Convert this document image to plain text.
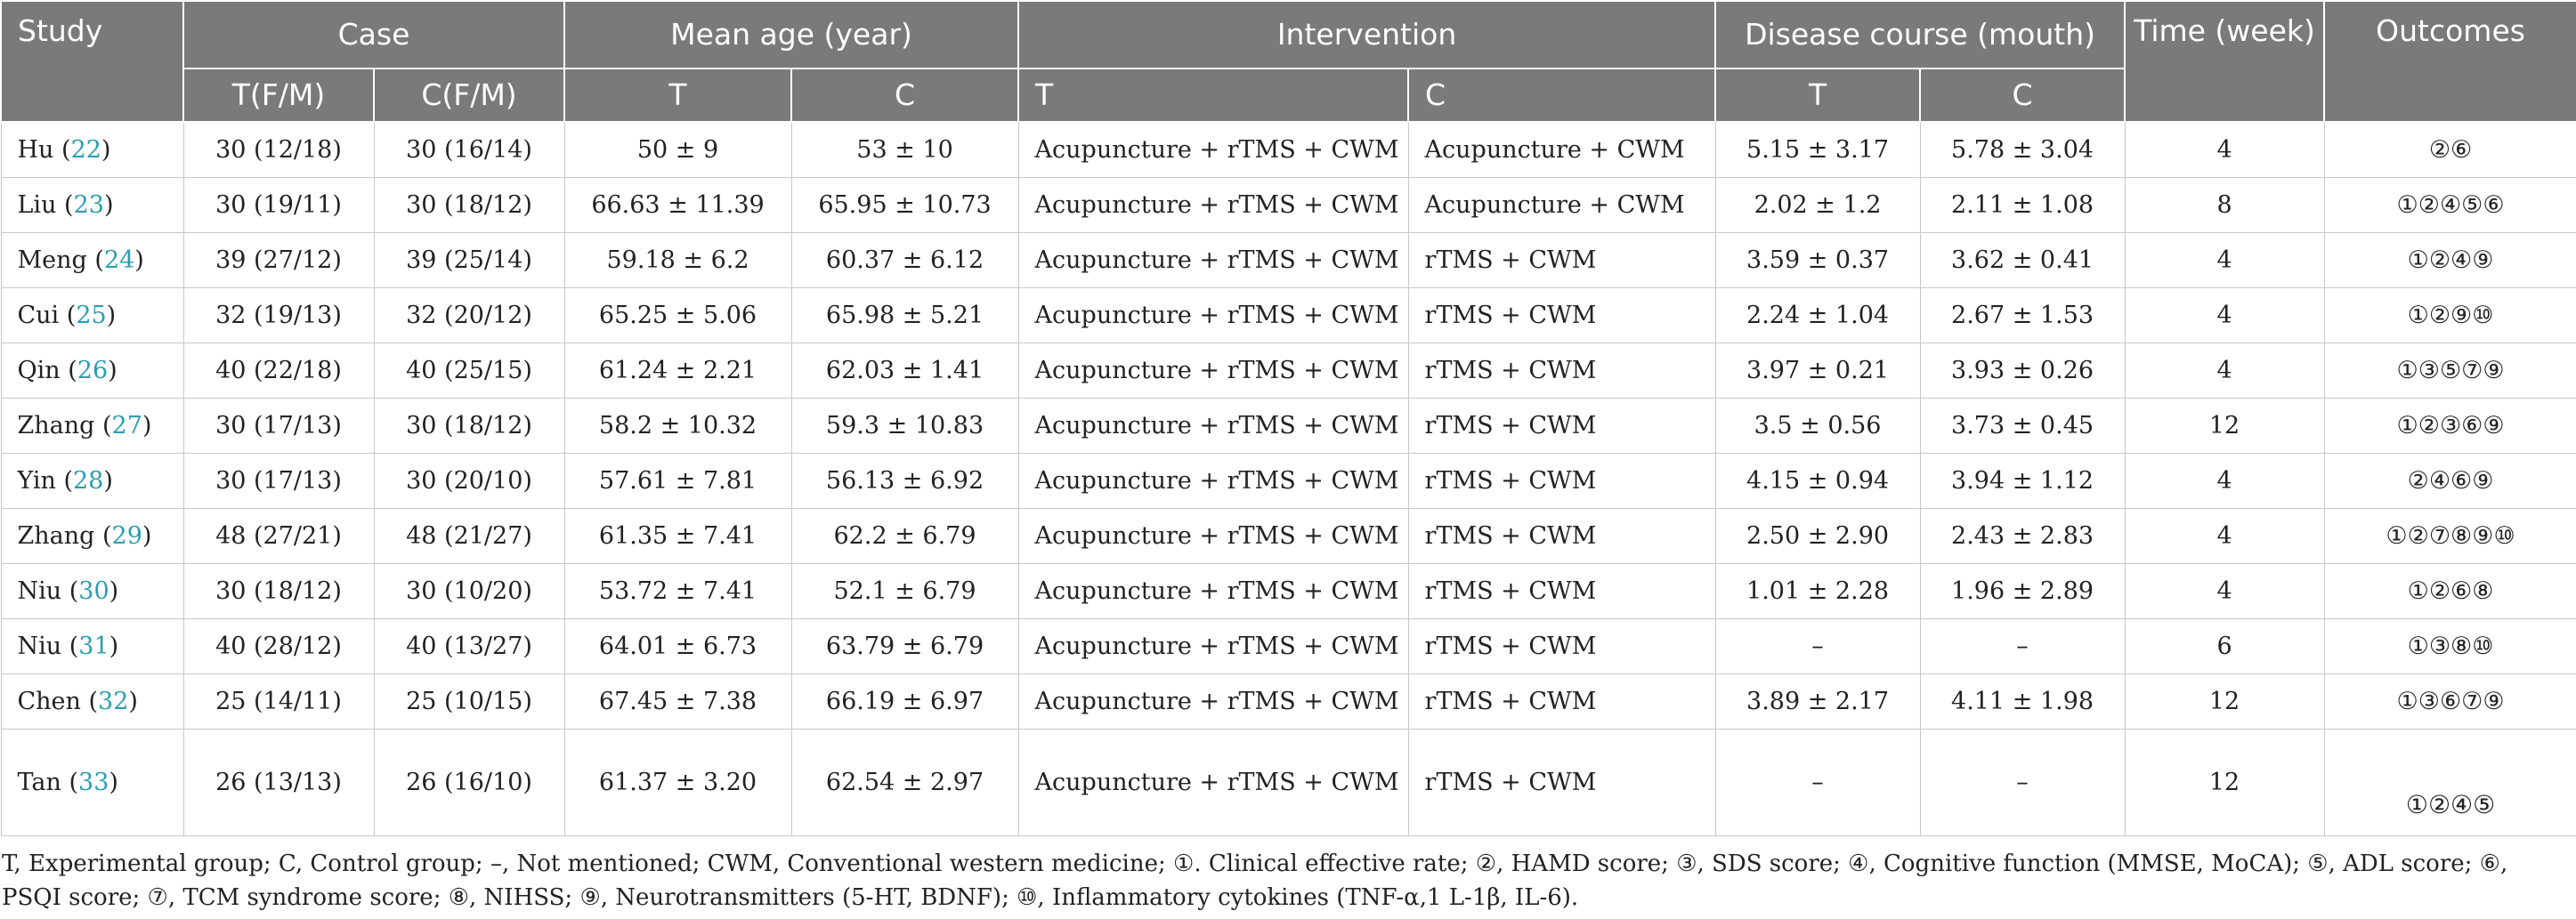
Study	Case		Mean age (year)		Intervention		Disease course (mouth)		Time (week)	Outcomes
	T(F/M)	C(F/M)	T	C	T	C	T	C		
Hu (22)	30 (12/18)	30 (16/14)	50 ± 9	53 ± 10	Acupuncture + rTMS + CWM	Acupuncture + CWM	5.15 ± 3.17	5.78 ± 3.04	4	②⑥
Liu (23)	30 (19/11)	30 (18/12)	66.63 ± 11.39	65.95 ± 10.73	Acupuncture + rTMS + CWM	Acupuncture + CWM	2.02 ± 1.2	2.11 ± 1.08	8	①②④⑤⑥
Meng (24)	39 (27/12)	39 (25/14)	59.18 ± 6.2	60.37 ± 6.12	Acupuncture + rTMS + CWM	rTMS + CWM	3.59 ± 0.37	3.62 ± 0.41	4	①②④⑨
Cui (25)	32 (19/13)	32 (20/12)	65.25 ± 5.06	65.98 ± 5.21	Acupuncture + rTMS + CWM	rTMS + CWM	2.24 ± 1.04	2.67 ± 1.53	4	①②⑨⑩
Qin (26)	40 (22/18)	40 (25/15)	61.24 ± 2.21	62.03 ± 1.41	Acupuncture + rTMS + CWM	rTMS + CWM	3.97 ± 0.21	3.93 ± 0.26	4	①③⑤⑦⑨
Zhang (27)	30 (17/13)	30 (18/12)	58.2 ± 10.32	59.3 ± 10.83	Acupuncture + rTMS + CWM	rTMS + CWM	3.5 ± 0.56	3.73 ± 0.45	12	①②③⑥⑨
Yin (28)	30 (17/13)	30 (20/10)	57.61 ± 7.81	56.13 ± 6.92	Acupuncture + rTMS + CWM	rTMS + CWM	4.15 ± 0.94	3.94 ± 1.12	4	②④⑥⑨
Zhang (29)	48 (27/21)	48 (21/27)	61.35 ± 7.41	62.2 ± 6.79	Acupuncture + rTMS + CWM	rTMS + CWM	2.50 ± 2.90	2.43 ± 2.83	4	①②⑦⑧⑨⑩
Niu (30)	30 (18/12)	30 (10/20)	53.72 ± 7.41	52.1 ± 6.79	Acupuncture + rTMS + CWM	rTMS + CWM	1.01 ± 2.28	1.96 ± 2.89	4	①②⑥⑧
Niu (31)	40 (28/12)	40 (13/27)	64.01 ± 6.73	63.79 ± 6.79	Acupuncture + rTMS + CWM	rTMS + CWM	–	–	6	①③⑧⑩
Chen (32)	25 (14/11)	25 (10/15)	67.45 ± 7.38	66.19 ± 6.97	Acupuncture + rTMS + CWM	rTMS + CWM	3.89 ± 2.17	4.11 ± 1.98	12	①③⑥⑦⑨
Tan (33)	26 (13/13)	26 (16/10)	61.37 ± 3.20	62.54 ± 2.97	Acupuncture + rTMS + CWM	rTMS + CWM	–	–	12	①②④⑤
T, Experimental group; C, Control group; –, Not mentioned; CWM, Conventional western medicine; ①. Clinical effective rate; ②, HAMD score; ③, SDS score; ④, Cognitive function (MMSE, MoCA); ⑤, ADL score; ⑥, PSQI score; ⑦, TCM syndrome score; ⑧, NIHSS; ⑨, Neurotransmitters (5-HT, BDNF); ⑩, Inflammatory cytokines (TNF-α,1 L-1β, IL-6).
